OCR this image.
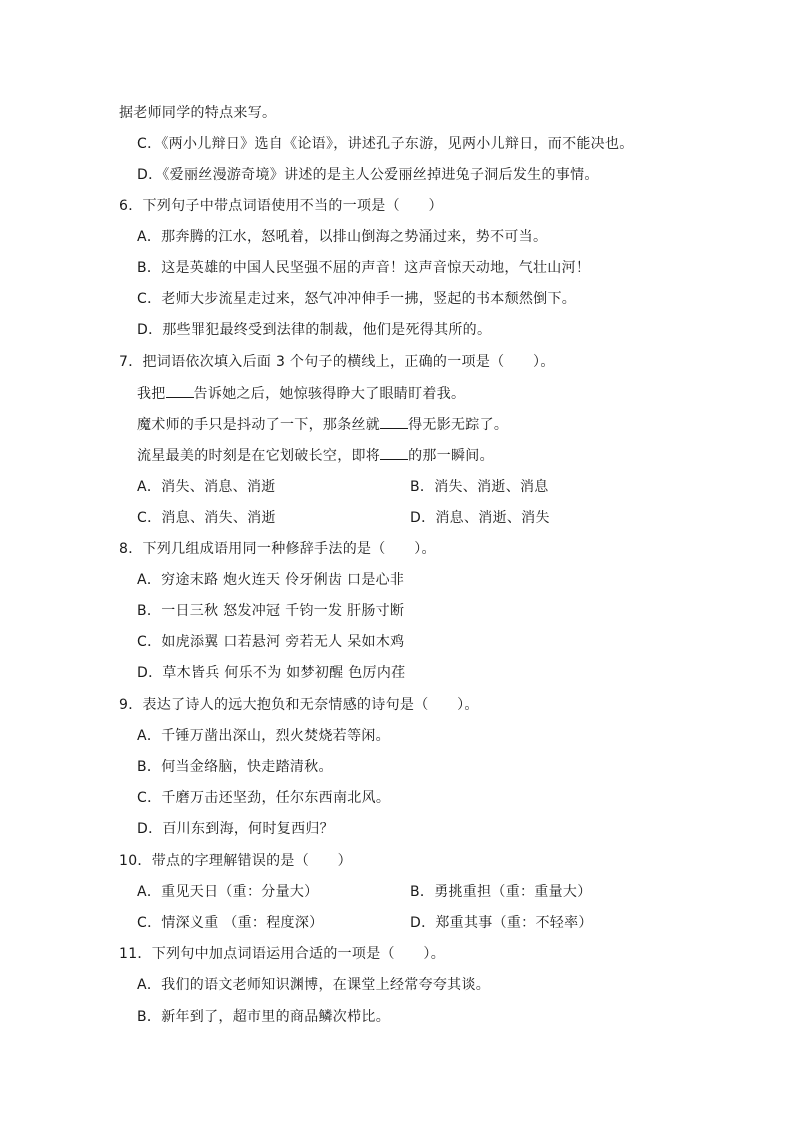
据老师同学的特点来写。
C．《两小儿辩日》选自《论语》，讲述孔子东游，见两小儿辩日，而不能决也。
D．《爱丽丝漫游奇境》讲述的是主人公爱丽丝掉进兔子洞后发生的事情。
6．下列句子中带点词语使用不当的一项是（　　）
A．那奔腾的江水，怒吼着，以排山倒海之势涌过来，势不可当。
B．这是英雄的中国人民坚强不屈的声音！这声音惊天动地，气壮山河！
C．老师大步流星走过来，怒气冲冲伸手一拂，竖起的书本颓然倒下。
D．那些罪犯最终受到法律的制裁，他们是死得其所的。
7．把词语依次填入后面 3 个句子的横线上，正确的一项是（　　）。
我把 告诉她之后，她惊骇得睁大了眼睛盯着我。
魔术师的手只是抖动了一下，那条丝就 得无影无踪了。
流星最美的时刻是在它划破长空，即将 的那一瞬间。
A．消失、消息、消逝	B．消失、消逝、消息
C．消息、消失、消逝	D．消息、消逝、消失
8．下列几组成语用同一种修辞手法的是（　　）。
A．穷途末路 炮火连天 伶牙俐齿 口是心非
B．一日三秋 怒发冲冠 千钧一发 肝肠寸断
C．如虎添翼 口若悬河 旁若无人 呆如木鸡
D．草木皆兵 何乐不为 如梦初醒 色厉内荏
9．表达了诗人的远大抱负和无奈情感的诗句是（　　）。
A．千锤万凿出深山，烈火焚烧若等闲。
B．何当金络脑，快走踏清秋。
C．千磨万击还坚劲，任尔东西南北风。
D．百川东到海，何时复西归？
10．带点的字理解错误的是（　　）
A．重见天日（重：分量大）	B．勇挑重担（重：重量大）
C．情深义重 （重：程度深）	D．郑重其事（重：不轻率）
11．下列句中加点词语运用合适的一项是（　　）。
A．我们的语文老师知识渊博，在课堂上经常夸夸其谈。
B．新年到了，超市里的商品鳞次栉比。
